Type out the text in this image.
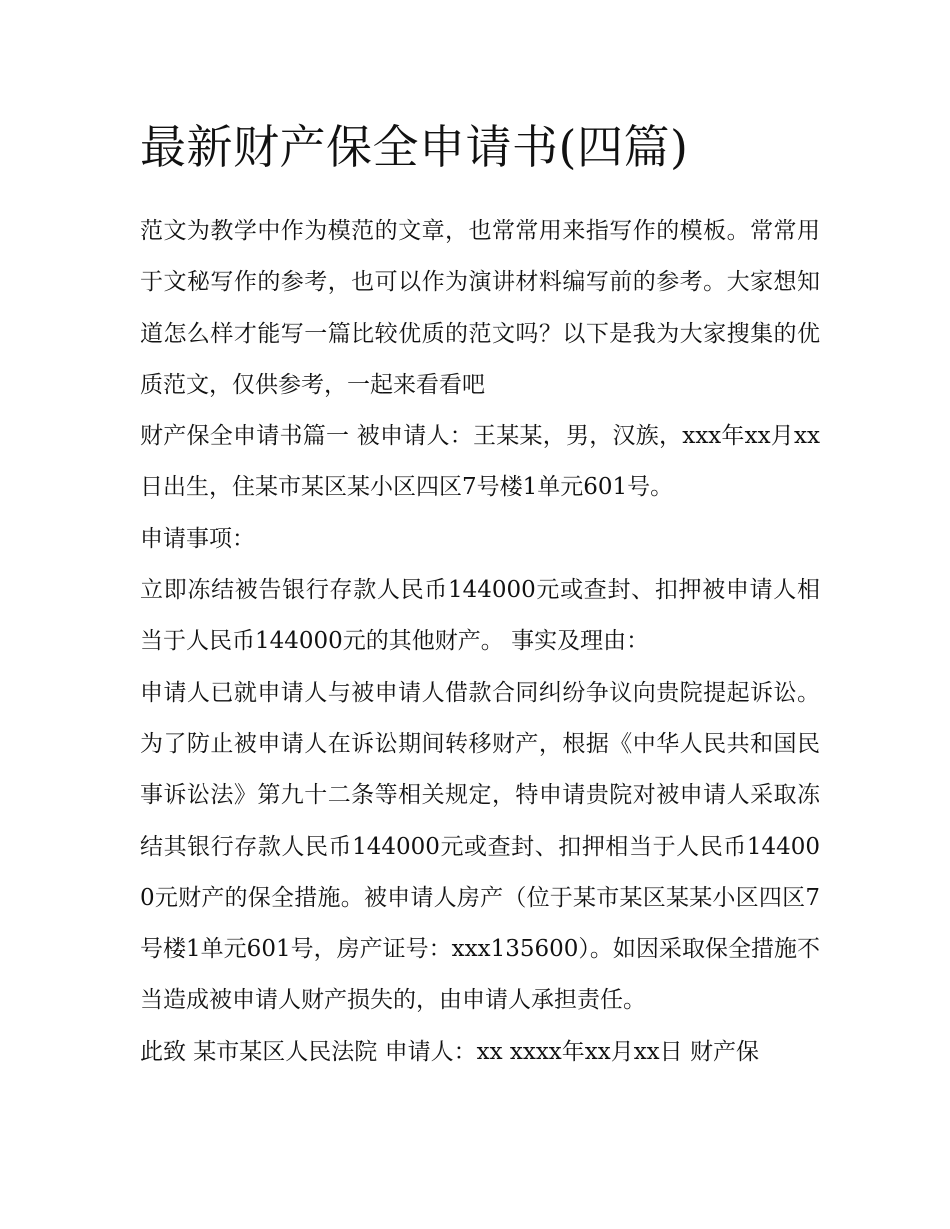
最新财产保全申请书(四篇)

范文为教学中作为模范的文章，也常常用来指写作的模板。常常用于文秘写作的参考，也可以作为演讲材料编写前的参考。大家想知道怎么样才能写一篇比较优质的范文吗？以下是我为大家搜集的优质范文，仅供参考，一起来看看吧

财产保全申请书篇一 被申请人：王某某，男，汉族，xxx年xx月xx日出生，住某市某区某小区四区7号楼1单元601号。

申请事项：

立即冻结被告银行存款人民币144000元或查封、扣押被申请人相当于人民币144000元的其他财产。 事实及理由：

申请人已就申请人与被申请人借款合同纠纷争议向贵院提起诉讼。为了防止被申请人在诉讼期间转移财产，根据《中华人民共和国民事诉讼法》第九十二条等相关规定，特申请贵院对被申请人采取冻结其银行存款人民币144000元或查封、扣押相当于人民币144000元财产的保全措施。被申请人房产（位于某市某区某某小区四区7号楼1单元601号，房产证号：xxx135600）。如因采取保全措施不当造成被申请人财产损失的，由申请人承担责任。

此致 某市某区人民法院 申请人：xx xxxx年xx月xx日 财产保
